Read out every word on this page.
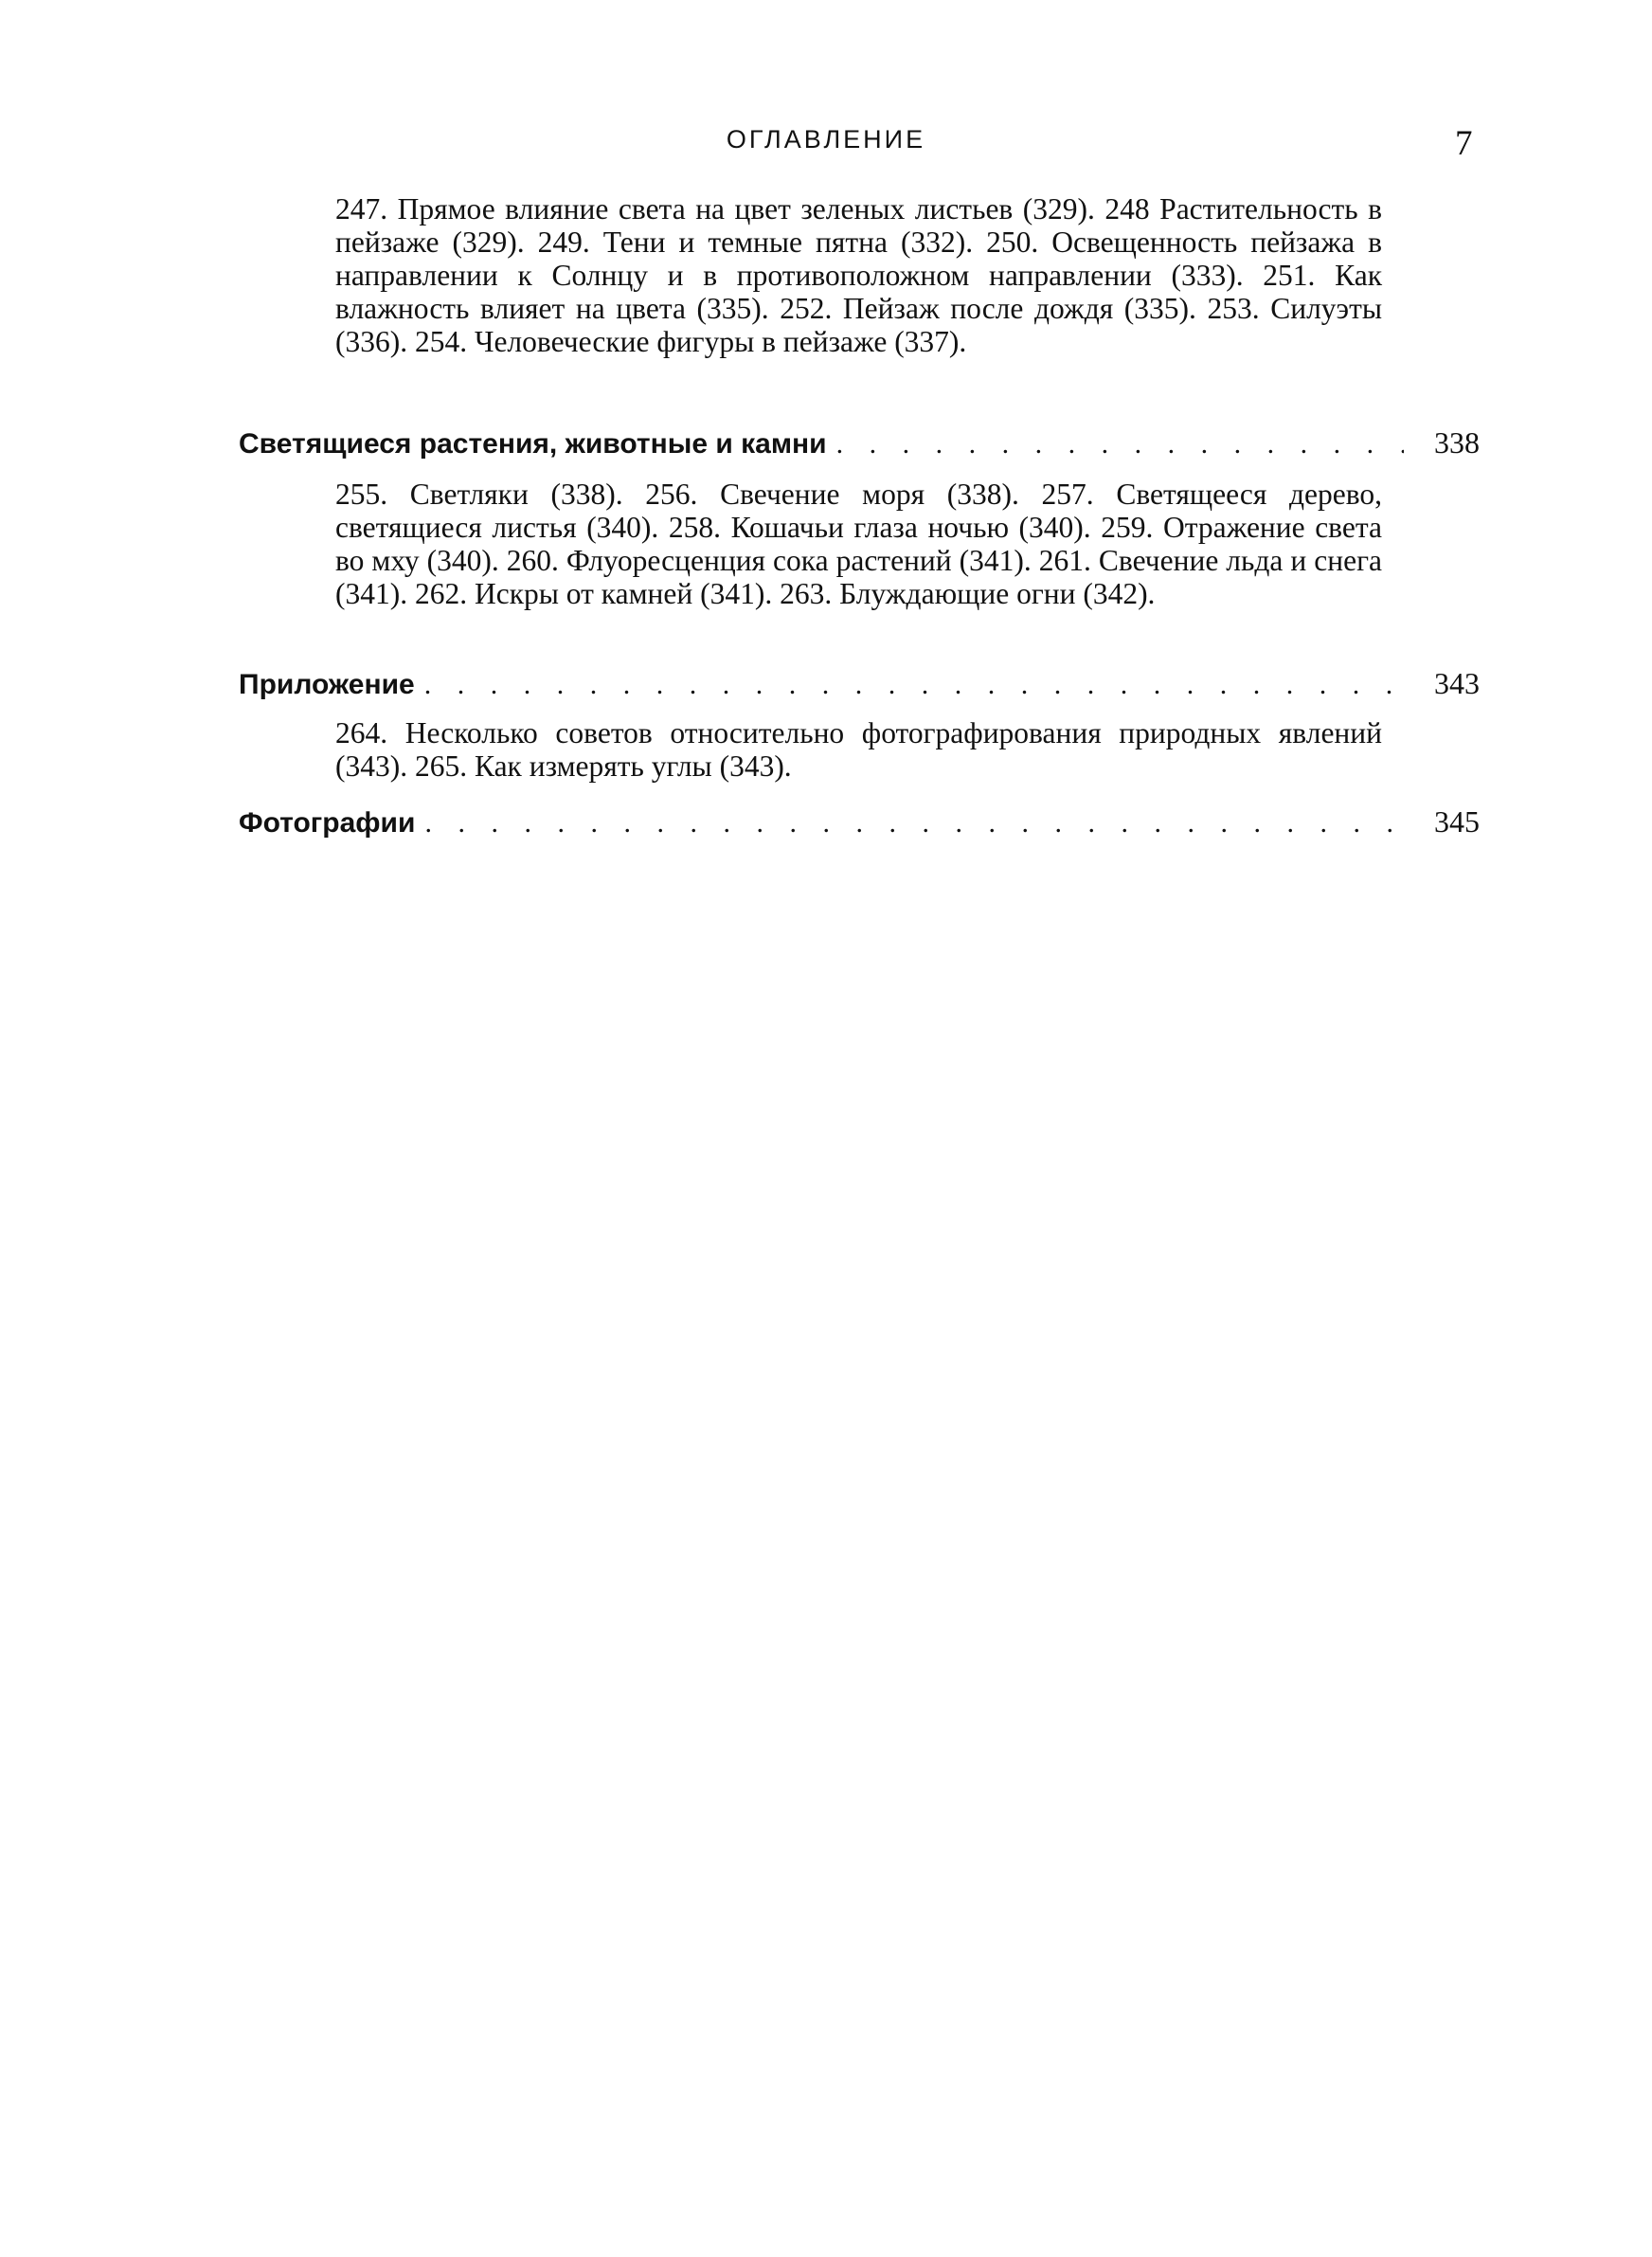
ОГЛАВЛЕНИЕ	7
247. Прямое влияние света на цвет зеленых листьев (329). 248 Растительность в пейзаже (329). 249. Тени и темные пятна (332). 250. Освещенность пейзажа в направлении к Солнцу и в противоположном направлении (333). 251. Как влажность влияет на цвета (335). 252. Пейзаж после дождя (335). 253. Силуэты (336). 254. Человеческие фигуры в пейзаже (337).
Светящиеся растения, животные и камни . . .	338
255. Светляки (338). 256. Свечение моря (338). 257. Светящееся дерево, светящиеся листья (340). 258. Кошачьи глаза ночью (340). 259. Отражение света во мху (340). 260. Флуоресценция сока растений (341). 261. Свечение льда и снега (341). 262. Искры от камней (341). 263. Блуждающие огни (342).
Приложение . . .	343
264. Несколько советов относительно фотографирования природных явлений (343). 265. Как измерять углы (343).
Фотографии . . .	345
